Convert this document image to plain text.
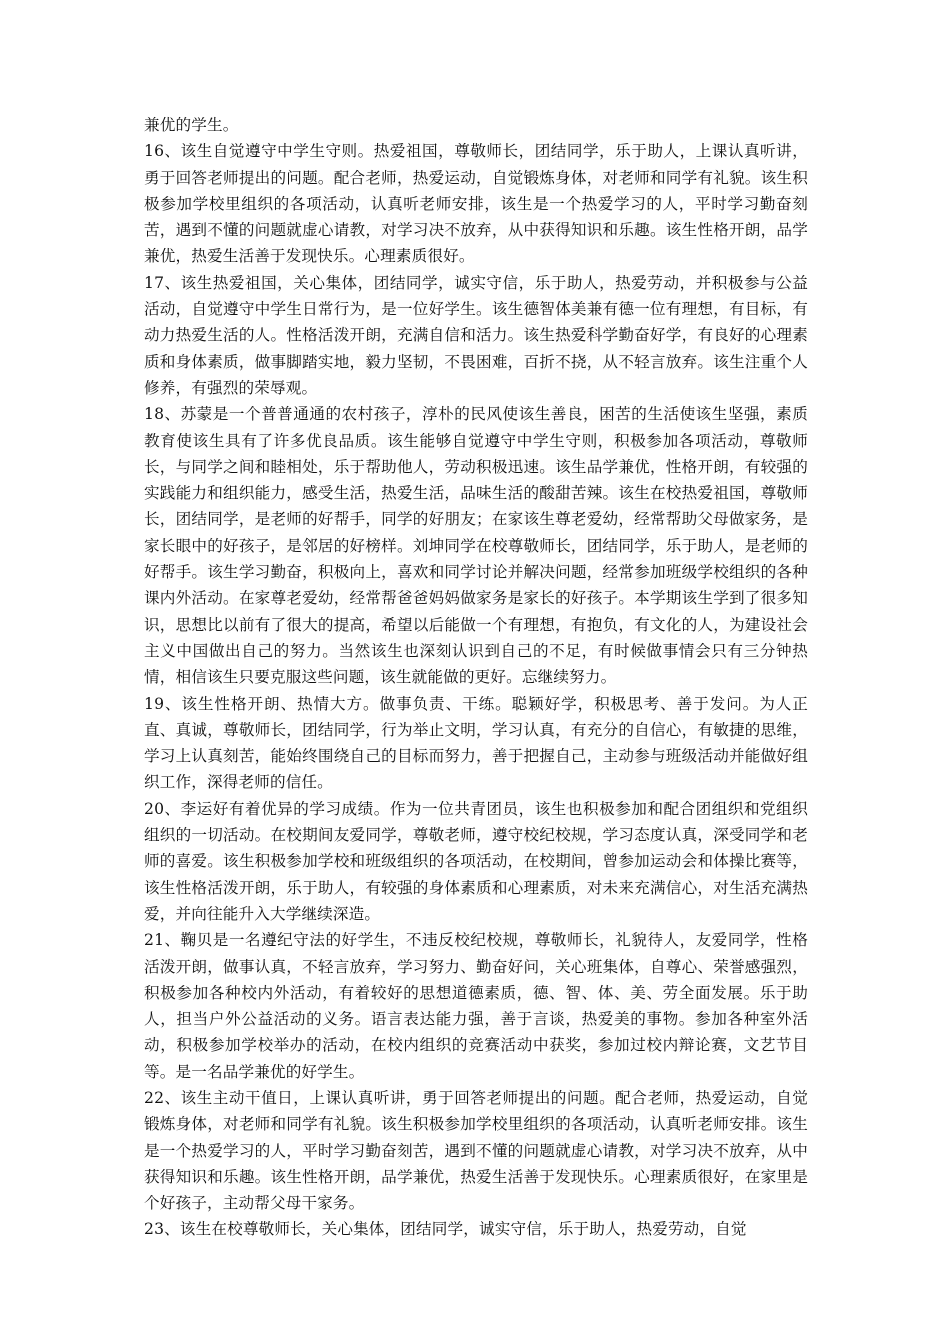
兼优的学生。

16、该生自觉遵守中学生守则。热爱祖国，尊敬师长，团结同学，乐于助人，上课认真听讲，勇于回答老师提出的问题。配合老师，热爱运动，自觉锻炼身体，对老师和同学有礼貌。该生积极参加学校里组织的各项活动，认真听老师安排，该生是一个热爱学习的人，平时学习勤奋刻苦，遇到不懂的问题就虚心请教，对学习决不放弃，从中获得知识和乐趣。该生性格开朗，品学兼优，热爱生活善于发现快乐。心理素质很好。

17、该生热爱祖国，关心集体，团结同学，诚实守信，乐于助人，热爱劳动，并积极参与公益活动，自觉遵守中学生日常行为，是一位好学生。该生德智体美兼有德一位有理想，有目标，有动力热爱生活的人。性格活泼开朗，充满自信和活力。该生热爱科学勤奋好学，有良好的心理素质和身体素质，做事脚踏实地，毅力坚韧，不畏困难，百折不挠，从不轻言放弃。该生注重个人修养，有强烈的荣辱观。

18、苏蒙是一个普普通通的农村孩子，淳朴的民风使该生善良，困苦的生活使该生坚强，素质教育使该生具有了许多优良品质。该生能够自觉遵守中学生守则，积极参加各项活动，尊敬师长，与同学之间和睦相处，乐于帮助他人，劳动积极迅速。该生品学兼优，性格开朗，有较强的实践能力和组织能力，感受生活，热爱生活，品味生活的酸甜苦辣。该生在校热爱祖国，尊敬师长，团结同学，是老师的好帮手，同学的好朋友；在家该生尊老爱幼，经常帮助父母做家务，是家长眼中的好孩子，是邻居的好榜样。刘坤同学在校尊敬师长，团结同学，乐于助人，是老师的好帮手。该生学习勤奋，积极向上，喜欢和同学讨论并解决问题，经常参加班级学校组织的各种课内外活动。在家尊老爱幼，经常帮爸爸妈妈做家务是家长的好孩子。本学期该生学到了很多知识，思想比以前有了很大的提高，希望以后能做一个有理想，有抱负，有文化的人，为建设社会主义中国做出自己的努力。当然该生也深刻认识到自己的不足，有时候做事情会只有三分钟热情，相信该生只要克服这些问题，该生就能做的更好。忘继续努力。

19、该生性格开朗、热情大方。做事负责、干练。聪颖好学，积极思考、善于发问。为人正直、真诚，尊敬师长，团结同学，行为举止文明，学习认真，有充分的自信心，有敏捷的思维，学习上认真刻苦，能始终围绕自己的目标而努力，善于把握自己，主动参与班级活动并能做好组织工作，深得老师的信任。

20、李运好有着优异的学习成绩。作为一位共青团员，该生也积极参加和配合团组织和党组织组织的一切活动。在校期间友爱同学，尊敬老师，遵守校纪校规，学习态度认真，深受同学和老师的喜爱。该生积极参加学校和班级组织的各项活动，在校期间，曾参加运动会和体操比赛等，该生性格活泼开朗，乐于助人，有较强的身体素质和心理素质，对未来充满信心，对生活充满热爱，并向往能升入大学继续深造。

21、鞠贝是一名遵纪守法的好学生，不违反校纪校规，尊敬师长，礼貌待人，友爱同学，性格活泼开朗，做事认真，不轻言放弃，学习努力、勤奋好问，关心班集体，自尊心、荣誉感强烈，积极参加各种校内外活动，有着较好的思想道德素质，德、智、体、美、劳全面发展。乐于助人，担当户外公益活动的义务。语言表达能力强，善于言谈，热爱美的事物。参加各种室外活动，积极参加学校举办的活动，在校内组织的竞赛活动中获奖，参加过校内辩论赛，文艺节目等。是一名品学兼优的好学生。

22、该生主动干值日，上课认真听讲，勇于回答老师提出的问题。配合老师，热爱运动，自觉锻炼身体，对老师和同学有礼貌。该生积极参加学校里组织的各项活动，认真听老师安排。该生是一个热爱学习的人，平时学习勤奋刻苦，遇到不懂的问题就虚心请教，对学习决不放弃，从中获得知识和乐趣。该生性格开朗，品学兼优，热爱生活善于发现快乐。心理素质很好，在家里是个好孩子，主动帮父母干家务。

23、该生在校尊敬师长，关心集体，团结同学，诚实守信，乐于助人，热爱劳动，自觉
